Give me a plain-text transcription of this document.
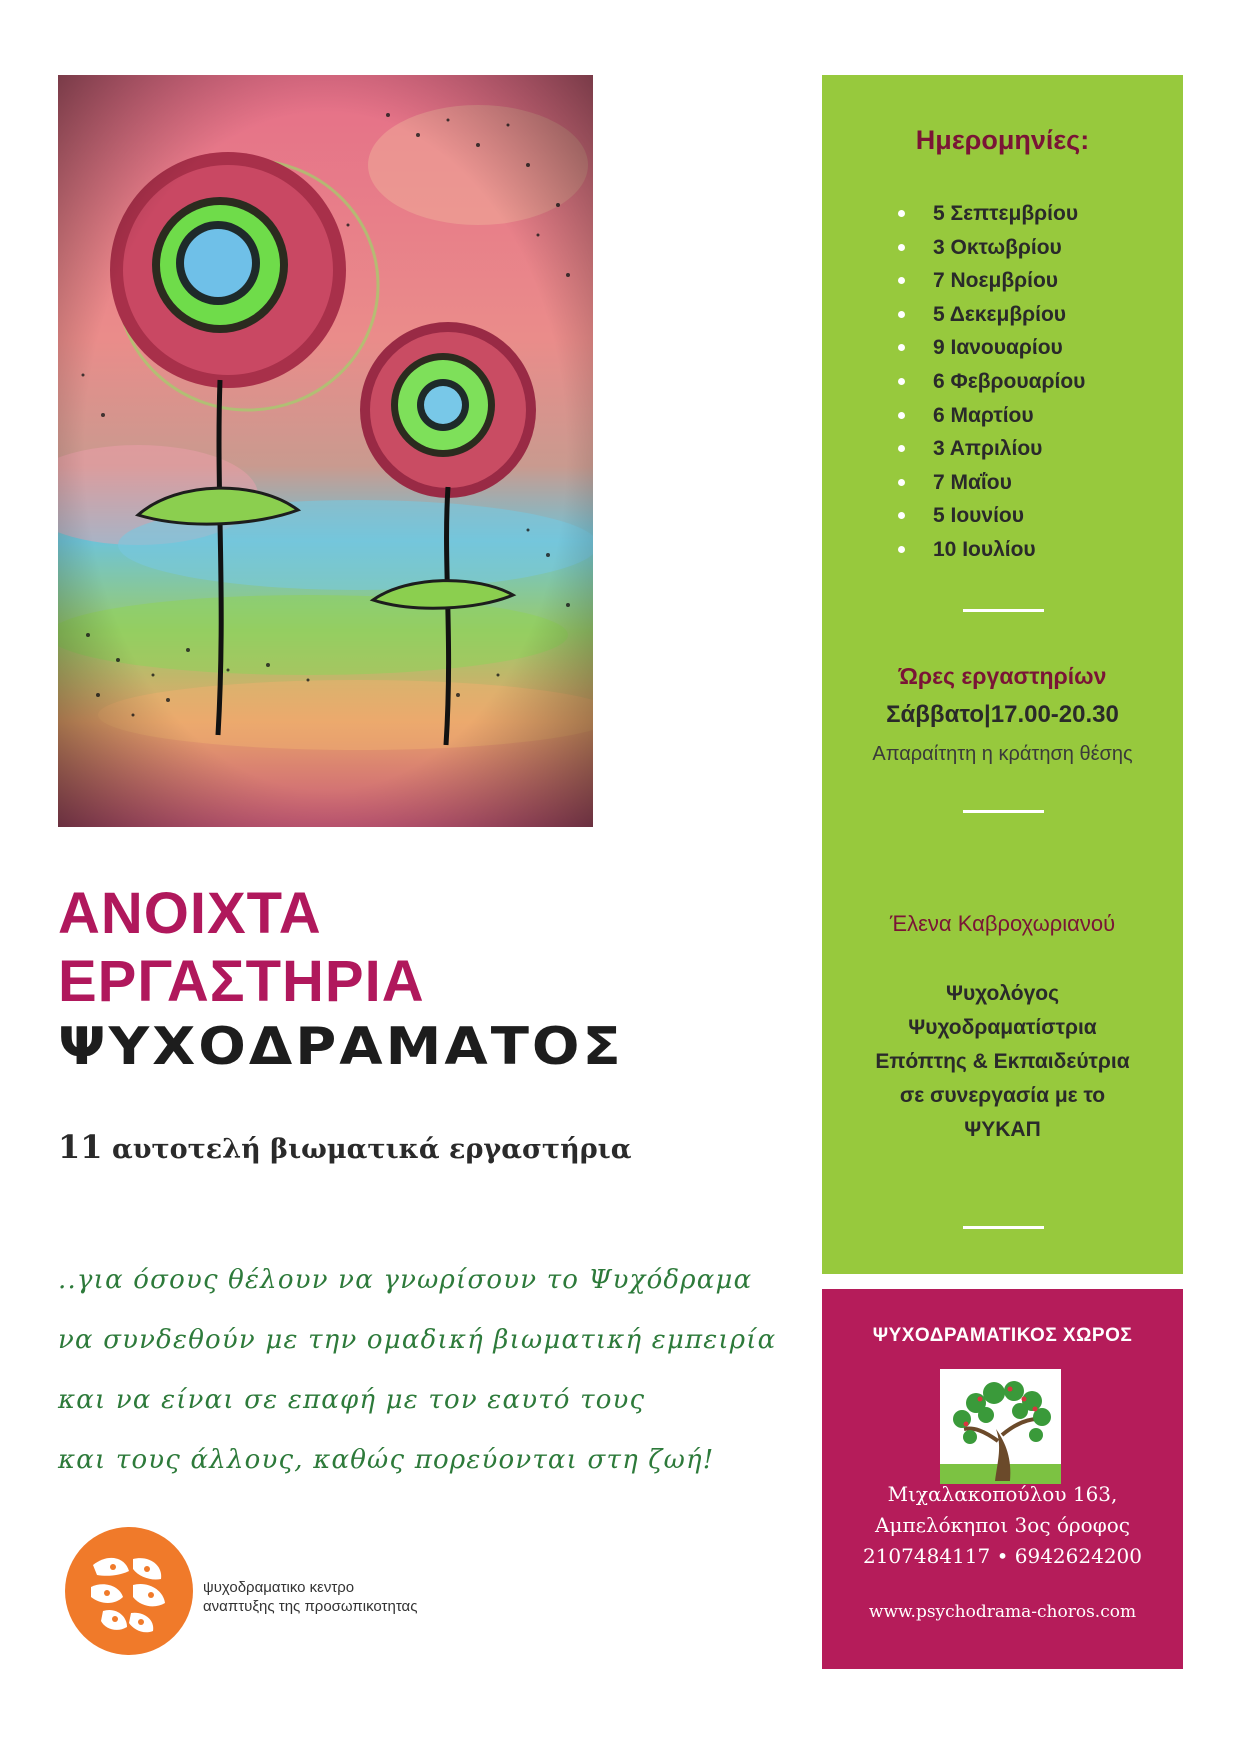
ΑΝΟΙΧΤΑ
ΕΡΓΑΣΤΗΡΙΑ
ΨΥΧΟΔΡΑΜΑΤΟΣ
11 αυτοτελή βιωματικά εργαστήρια
..για όσους θέλουν να γνωρίσουν το Ψυχόδραμα
να συνδεθούν με την ομαδική βιωματική εμπειρία
και να είναι σε επαφή με τον εαυτό τους
και τους άλλους, καθώς πορεύονται στη ζωή!
ψυχοδραματικο κεντρο
αναπτυξης της προσωπικοτητας
Ημερομηνίες:
5 Σεπτεμβρίου
3 Οκτωβρίου
7 Νοεμβρίου
5 Δεκεμβρίου
9 Ιανουαρίου
6 Φεβρουαρίου
6 Μαρτίου
3 Απριλίου
7 Μαΐου
5 Ιουνίου
10 Ιουλίου
Ώρες εργαστηρίων
Σάββατο|17.00-20.30
Απαραίτητη η κράτηση θέσης
Έλενα Καβροχωριανού
Ψυχολόγος
Ψυχοδραματίστρια
Επόπτης & Εκπαιδεύτρια
σε συνεργασία με το
ΨΥΚΑΠ
ΨΥΧΟΔΡΑΜΑΤΙΚΟΣ ΧΩΡΟΣ
Μιχαλακοπούλου 163,
Αμπελόκηποι 3ος όροφος
2107484117 • 6942624200
www.psychodrama-choros.com
